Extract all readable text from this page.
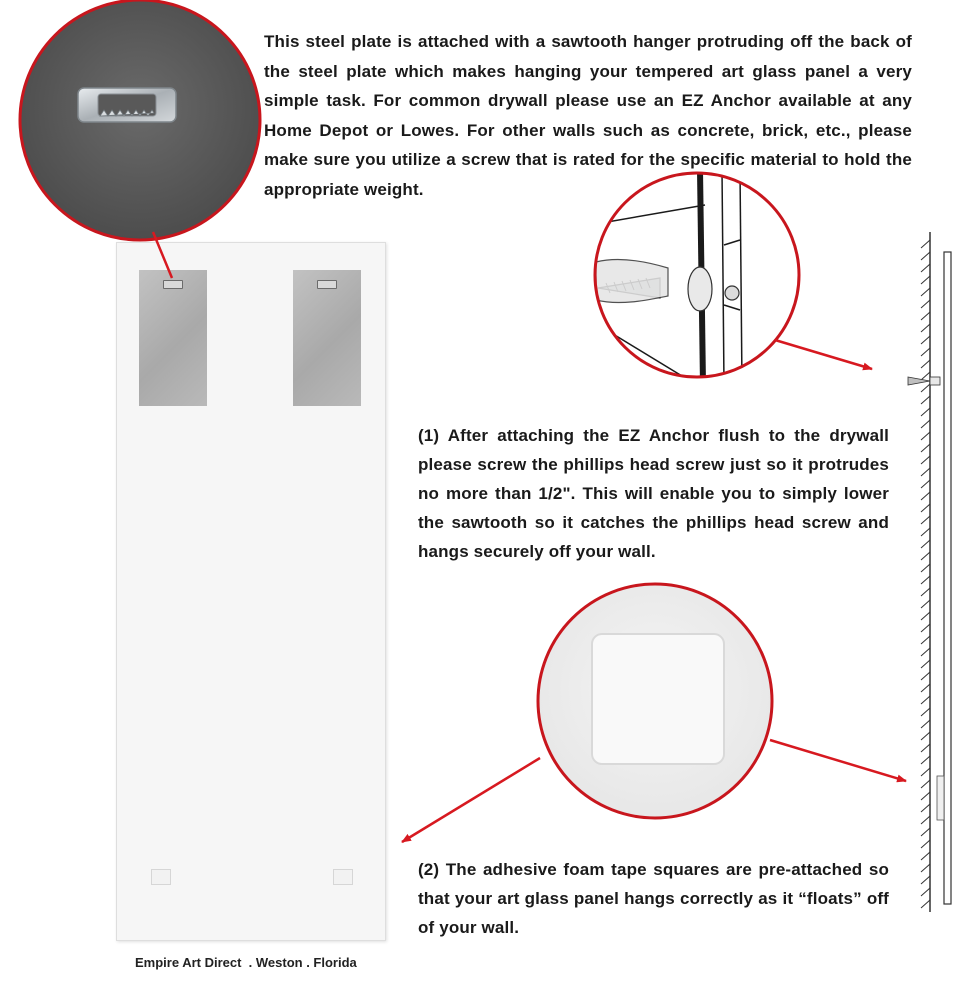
This steel plate is attached with a sawtooth hanger protruding off the back of the steel plate which makes hanging your tempered art glass panel a very simple task. For common drywall please use an EZ Anchor available at any Home Depot or Lowes. For other walls such as concrete, brick, etc., please make sure you utilize a screw that is rated for the specific material to hold the appropriate weight.

(1) After attaching the EZ Anchor flush to the drywall please screw the phillips head screw just so it protrudes no more than 1/2". This will enable you to simply lower the sawtooth so it catches the phillips head screw and hangs securely off your wall.

(2) The adhesive foam tape squares are pre-attached so that your art glass panel hangs correctly as it “floats” off of your wall.

Empire Art Direct  . Weston . Florida
